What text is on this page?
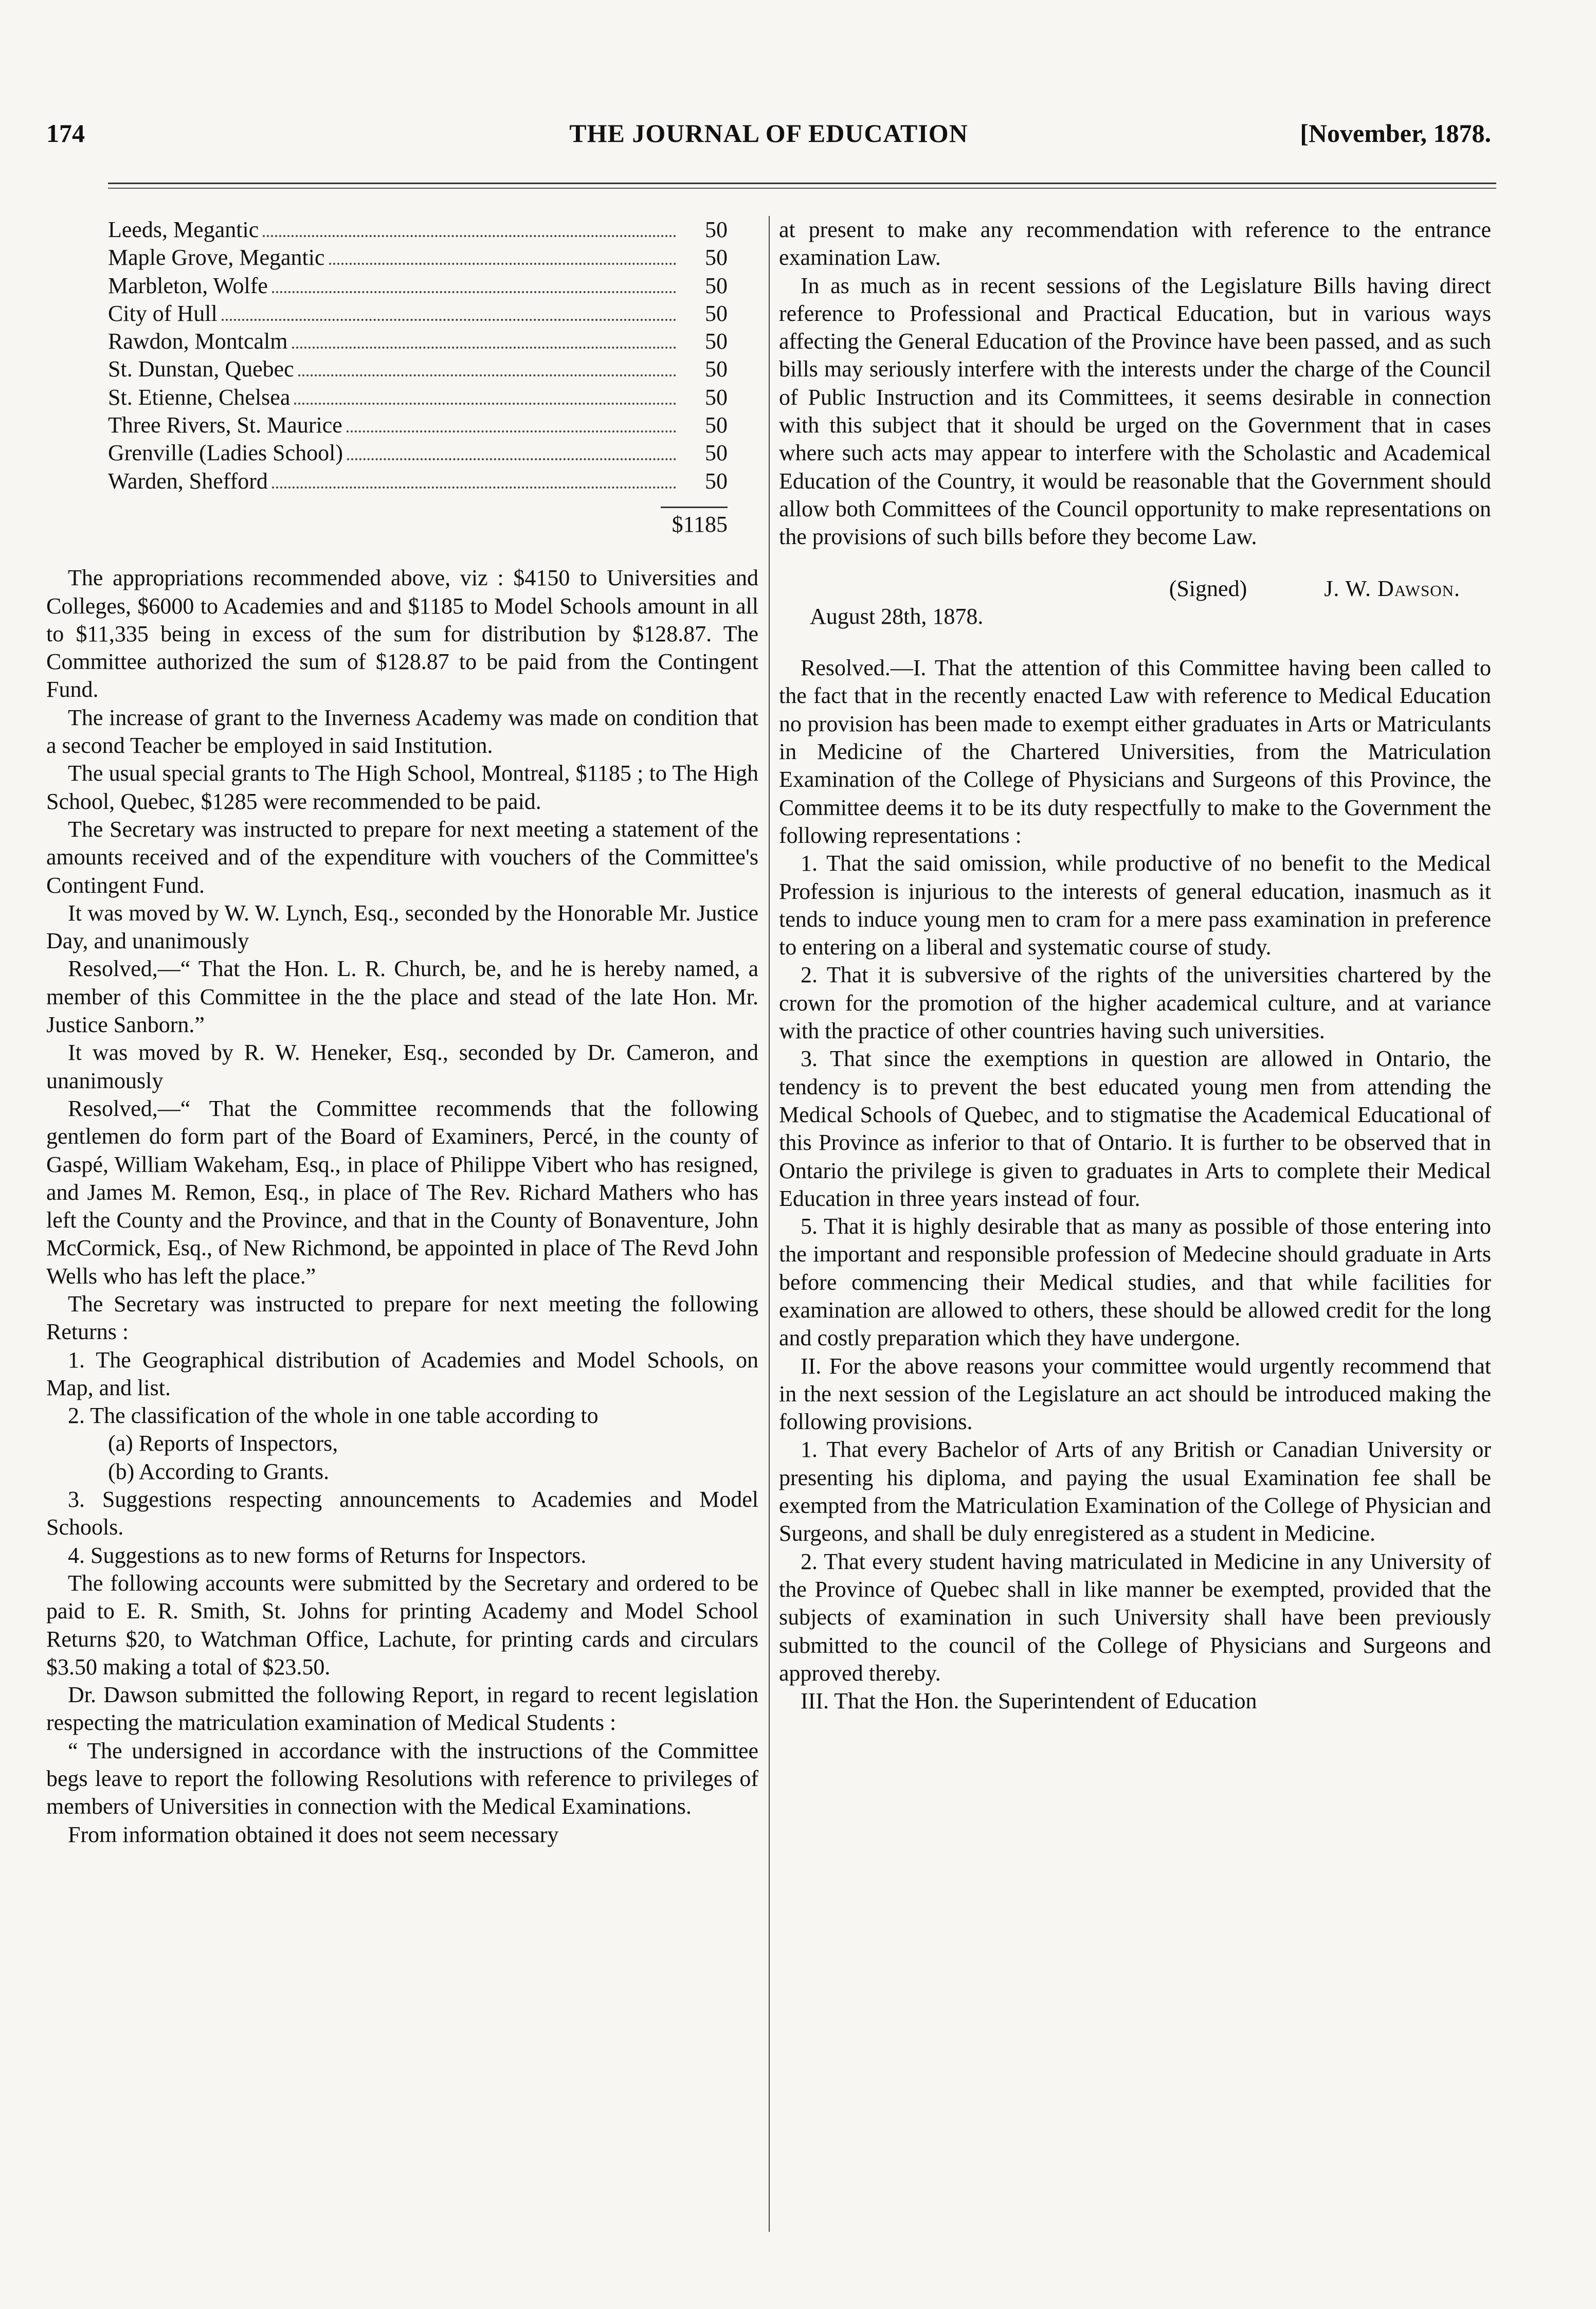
174	THE JOURNAL OF EDUCATION	[November, 1878.
Leeds, Megantic	50
Maple Grove, Megantic	50
Marbleton, Wolfe	50
City of Hull	50
Rawdon, Montcalm	50
St. Dunstan, Quebec	50
St. Etienne, Chelsea	50
Three Rivers, St. Maurice	50
Grenville (Ladies School)	50
Warden, Shefford	50
$1185

The appropriations recommended above, viz : $4150 to Universities and Colleges, $6000 to Academies and and $1185 to Model Schools amount in all to $11,335 being in excess of the sum for distribution by $128.87. The Committee authorized the sum of $128.87 to be paid from the Contingent Fund.

The increase of grant to the Inverness Academy was made on condition that a second Teacher be employed in said Institution.

The usual special grants to The High School, Montreal, $1185 ; to The High School, Quebec, $1285 were recommended to be paid.

The Secretary was instructed to prepare for next meeting a statement of the amounts received and of the expenditure with vouchers of the Committee's Contingent Fund.

It was moved by W. W. Lynch, Esq., seconded by the Honorable Mr. Justice Day, and unanimously

Resolved,—“ That the Hon. L. R. Church, be, and he is hereby named, a member of this Committee in the the place and stead of the late Hon. Mr. Justice Sanborn.”

It was moved by R. W. Heneker, Esq., seconded by Dr. Cameron, and unanimously

Resolved,—“ That the Committee recommends that the following gentlemen do form part of the Board of Examiners, Percé, in the county of Gaspé, William Wakeham, Esq., in place of Philippe Vibert who has resigned, and James M. Remon, Esq., in place of The Rev. Richard Mathers who has left the County and the Province, and that in the County of Bonaventure, John McCormick, Esq., of New Richmond, be appointed in place of The Revd John Wells who has left the place.”

The Secretary was instructed to prepare for next meeting the following Returns :

1. The Geographical distribution of Academies and Model Schools, on Map, and list.

2. The classification of the whole in one table according to

(a) Reports of Inspectors,

(b) According to Grants.

3. Suggestions respecting announcements to Academies and Model Schools.

4. Suggestions as to new forms of Returns for Inspectors.

The following accounts were submitted by the Secretary and ordered to be paid to E. R. Smith, St. Johns for printing Academy and Model School Returns $20, to Watchman Office, Lachute, for printing cards and circulars $3.50 making a total of $23.50.

Dr. Dawson submitted the following Report, in regard to recent legislation respecting the matriculation examination of Medical Students :

“ The undersigned in accordance with the instructions of the Committee begs leave to report the following Resolutions with reference to privileges of members of Universities in connection with the Medical Examinations.

From information obtained it does not seem necessary

at present to make any recommendation with reference to the entrance examination Law.

In as much as in recent sessions of the Legislature Bills having direct reference to Professional and Practical Education, but in various ways affecting the General Education of the Province have been passed, and as such bills may seriously interfere with the interests under the charge of the Council of Public Instruction and its Committees, it seems desirable in connection with this subject that it should be urged on the Government that in cases where such acts may appear to interfere with the Scholastic and Academical Education of the Country, it would be reasonable that the Government should allow both Committees of the Council opportunity to make representations on the provisions of such bills before they become Law.

(Signed)	J. W. Dawson.
August 28th, 1878.

Resolved.—I. That the attention of this Committee having been called to the fact that in the recently enacted Law with reference to Medical Education no provision has been made to exempt either graduates in Arts or Matriculants in Medicine of the Chartered Universities, from the Matriculation Examination of the College of Physicians and Surgeons of this Province, the Committee deems it to be its duty respectfully to make to the Government the following representations :

1. That the said omission, while productive of no benefit to the Medical Profession is injurious to the interests of general education, inasmuch as it tends to induce young men to cram for a mere pass examination in preference to entering on a liberal and systematic course of study.

2. That it is subversive of the rights of the universities chartered by the crown for the promotion of the higher academical culture, and at variance with the practice of other countries having such universities.

3. That since the exemptions in question are allowed in Ontario, the tendency is to prevent the best educated young men from attending the Medical Schools of Quebec, and to stigmatise the Academical Educational of this Province as inferior to that of Ontario. It is further to be observed that in Ontario the privilege is given to graduates in Arts to complete their Medical Education in three years instead of four.

5. That it is highly desirable that as many as possible of those entering into the important and responsible profession of Medecine should graduate in Arts before commencing their Medical studies, and that while facilities for examination are allowed to others, these should be allowed credit for the long and costly preparation which they have undergone.

II. For the above reasons your committee would urgently recommend that in the next session of the Legislature an act should be introduced making the following provisions.

1. That every Bachelor of Arts of any British or Canadian University or presenting his diploma, and paying the usual Examination fee shall be exempted from the Matriculation Examination of the College of Physician and Surgeons, and shall be duly enregistered as a student in Medicine.

2. That every student having matriculated in Medicine in any University of the Province of Quebec shall in like manner be exempted, provided that the subjects of examination in such University shall have been previously submitted to the council of the College of Physicians and Surgeons and approved thereby.

III. That the Hon. the Superintendent of Education
